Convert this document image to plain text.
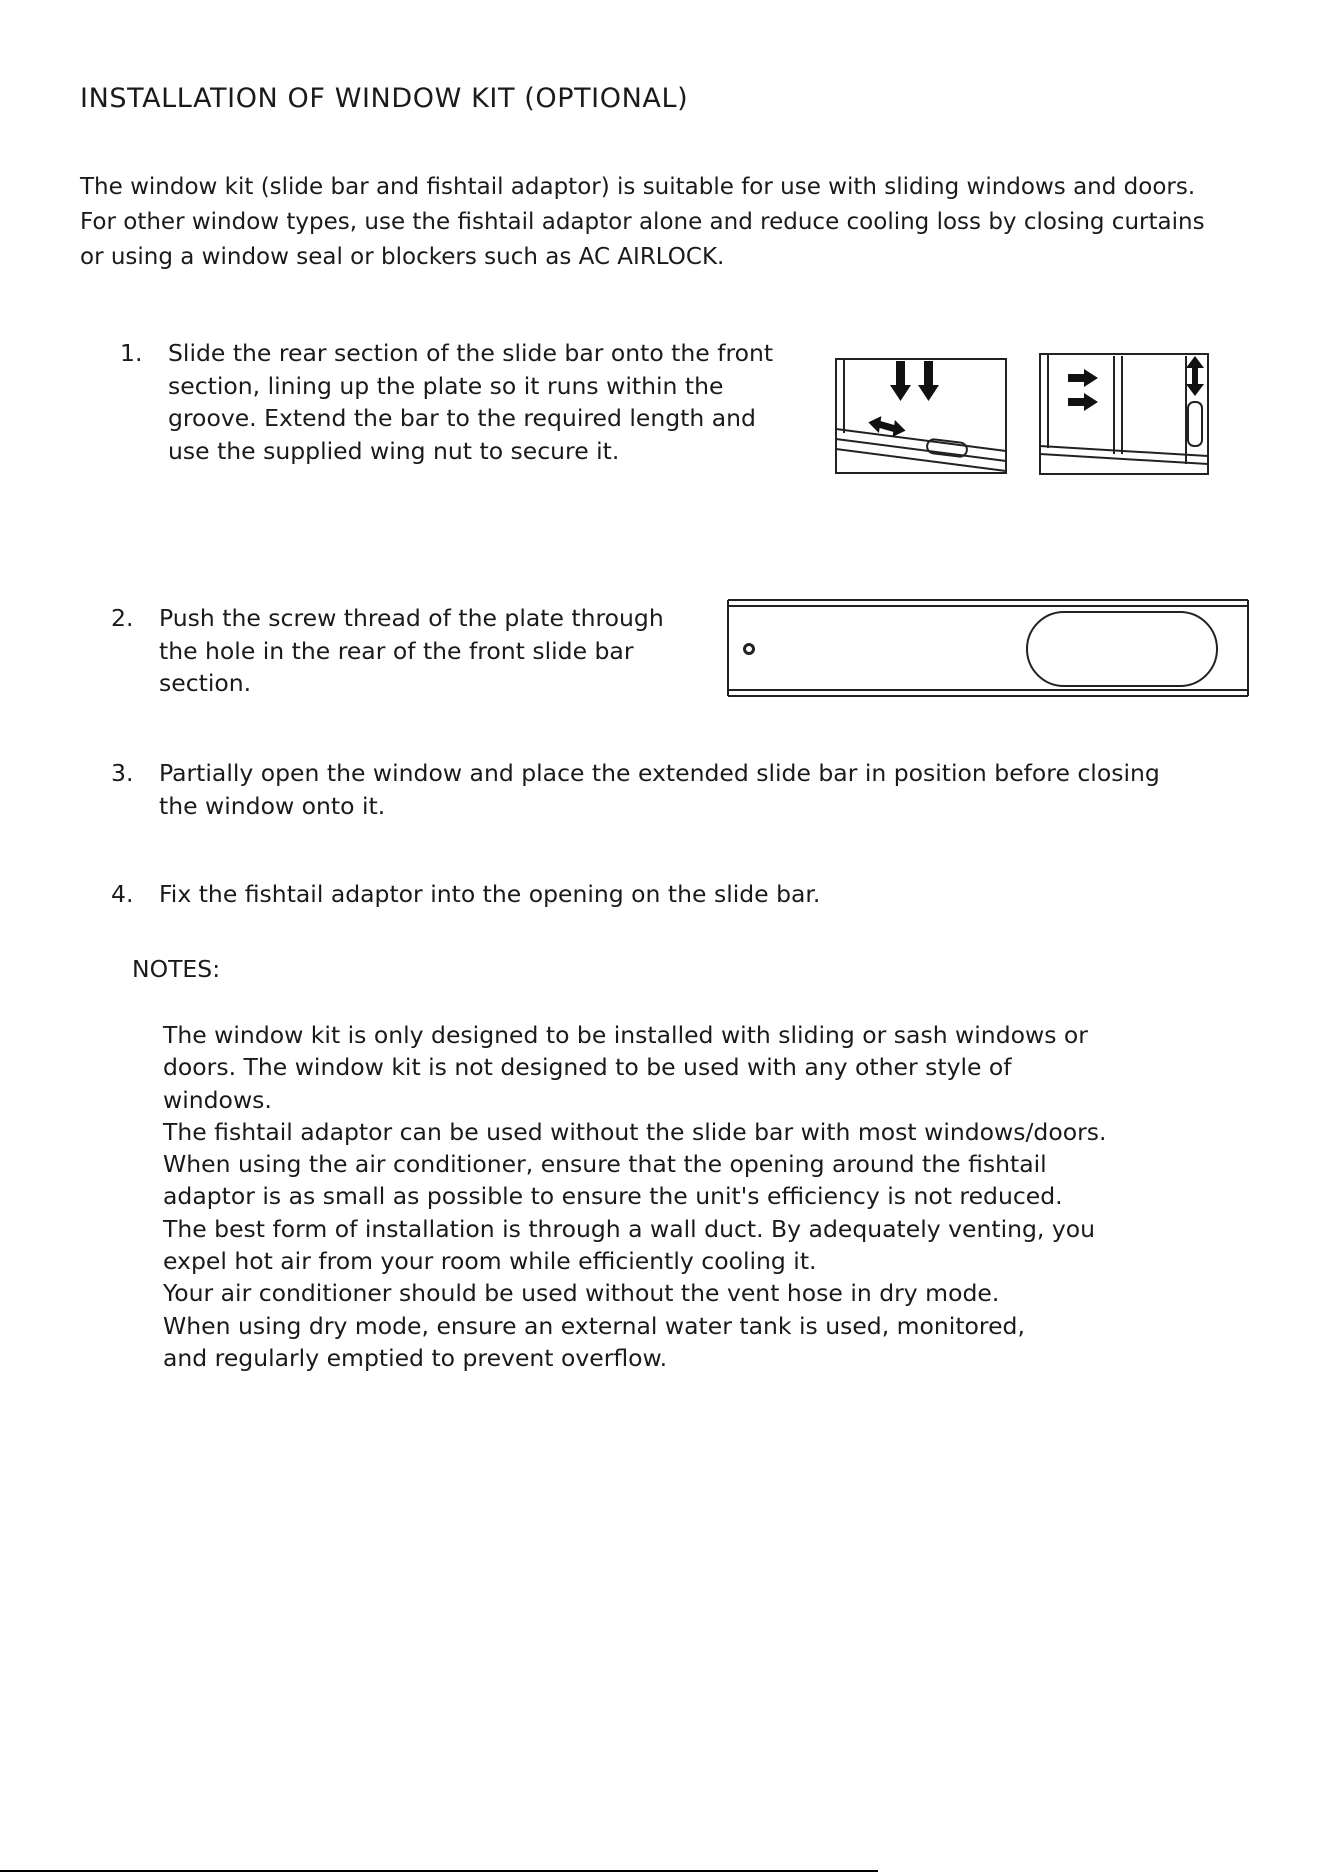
INSTALLATION OF WINDOW KIT (OPTIONAL)

The window kit (slide bar and fishtail adaptor) is suitable for use with sliding windows and doors.
For other window types, use the fishtail adaptor alone and reduce cooling loss by closing curtains
or using a window seal or blockers such as AC AIRLOCK.

1. Slide the rear section of the slide bar onto the front
section, lining up the plate so it runs within the
groove. Extend the bar to the required length and
use the supplied wing nut to secure it.

2. Push the screw thread of the plate through
the hole in the rear of the front slide bar
section.

3. Partially open the window and place the extended slide bar in position before closing
the window onto it.

4. Fix the fishtail adaptor into the opening on the slide bar.

NOTES:
The window kit is only designed to be installed with sliding or sash windows or
doors. The window kit is not designed to be used with any other style of
windows.
The fishtail adaptor can be used without the slide bar with most windows/doors.
When using the air conditioner, ensure that the opening around the fishtail
adaptor is as small as possible to ensure the unit's efficiency is not reduced.
The best form of installation is through a wall duct. By adequately venting, you
expel hot air from your room while efficiently cooling it.
Your air conditioner should be used without the vent hose in dry mode.
When using dry mode, ensure an external water tank is used, monitored,
and regularly emptied to prevent overflow.
